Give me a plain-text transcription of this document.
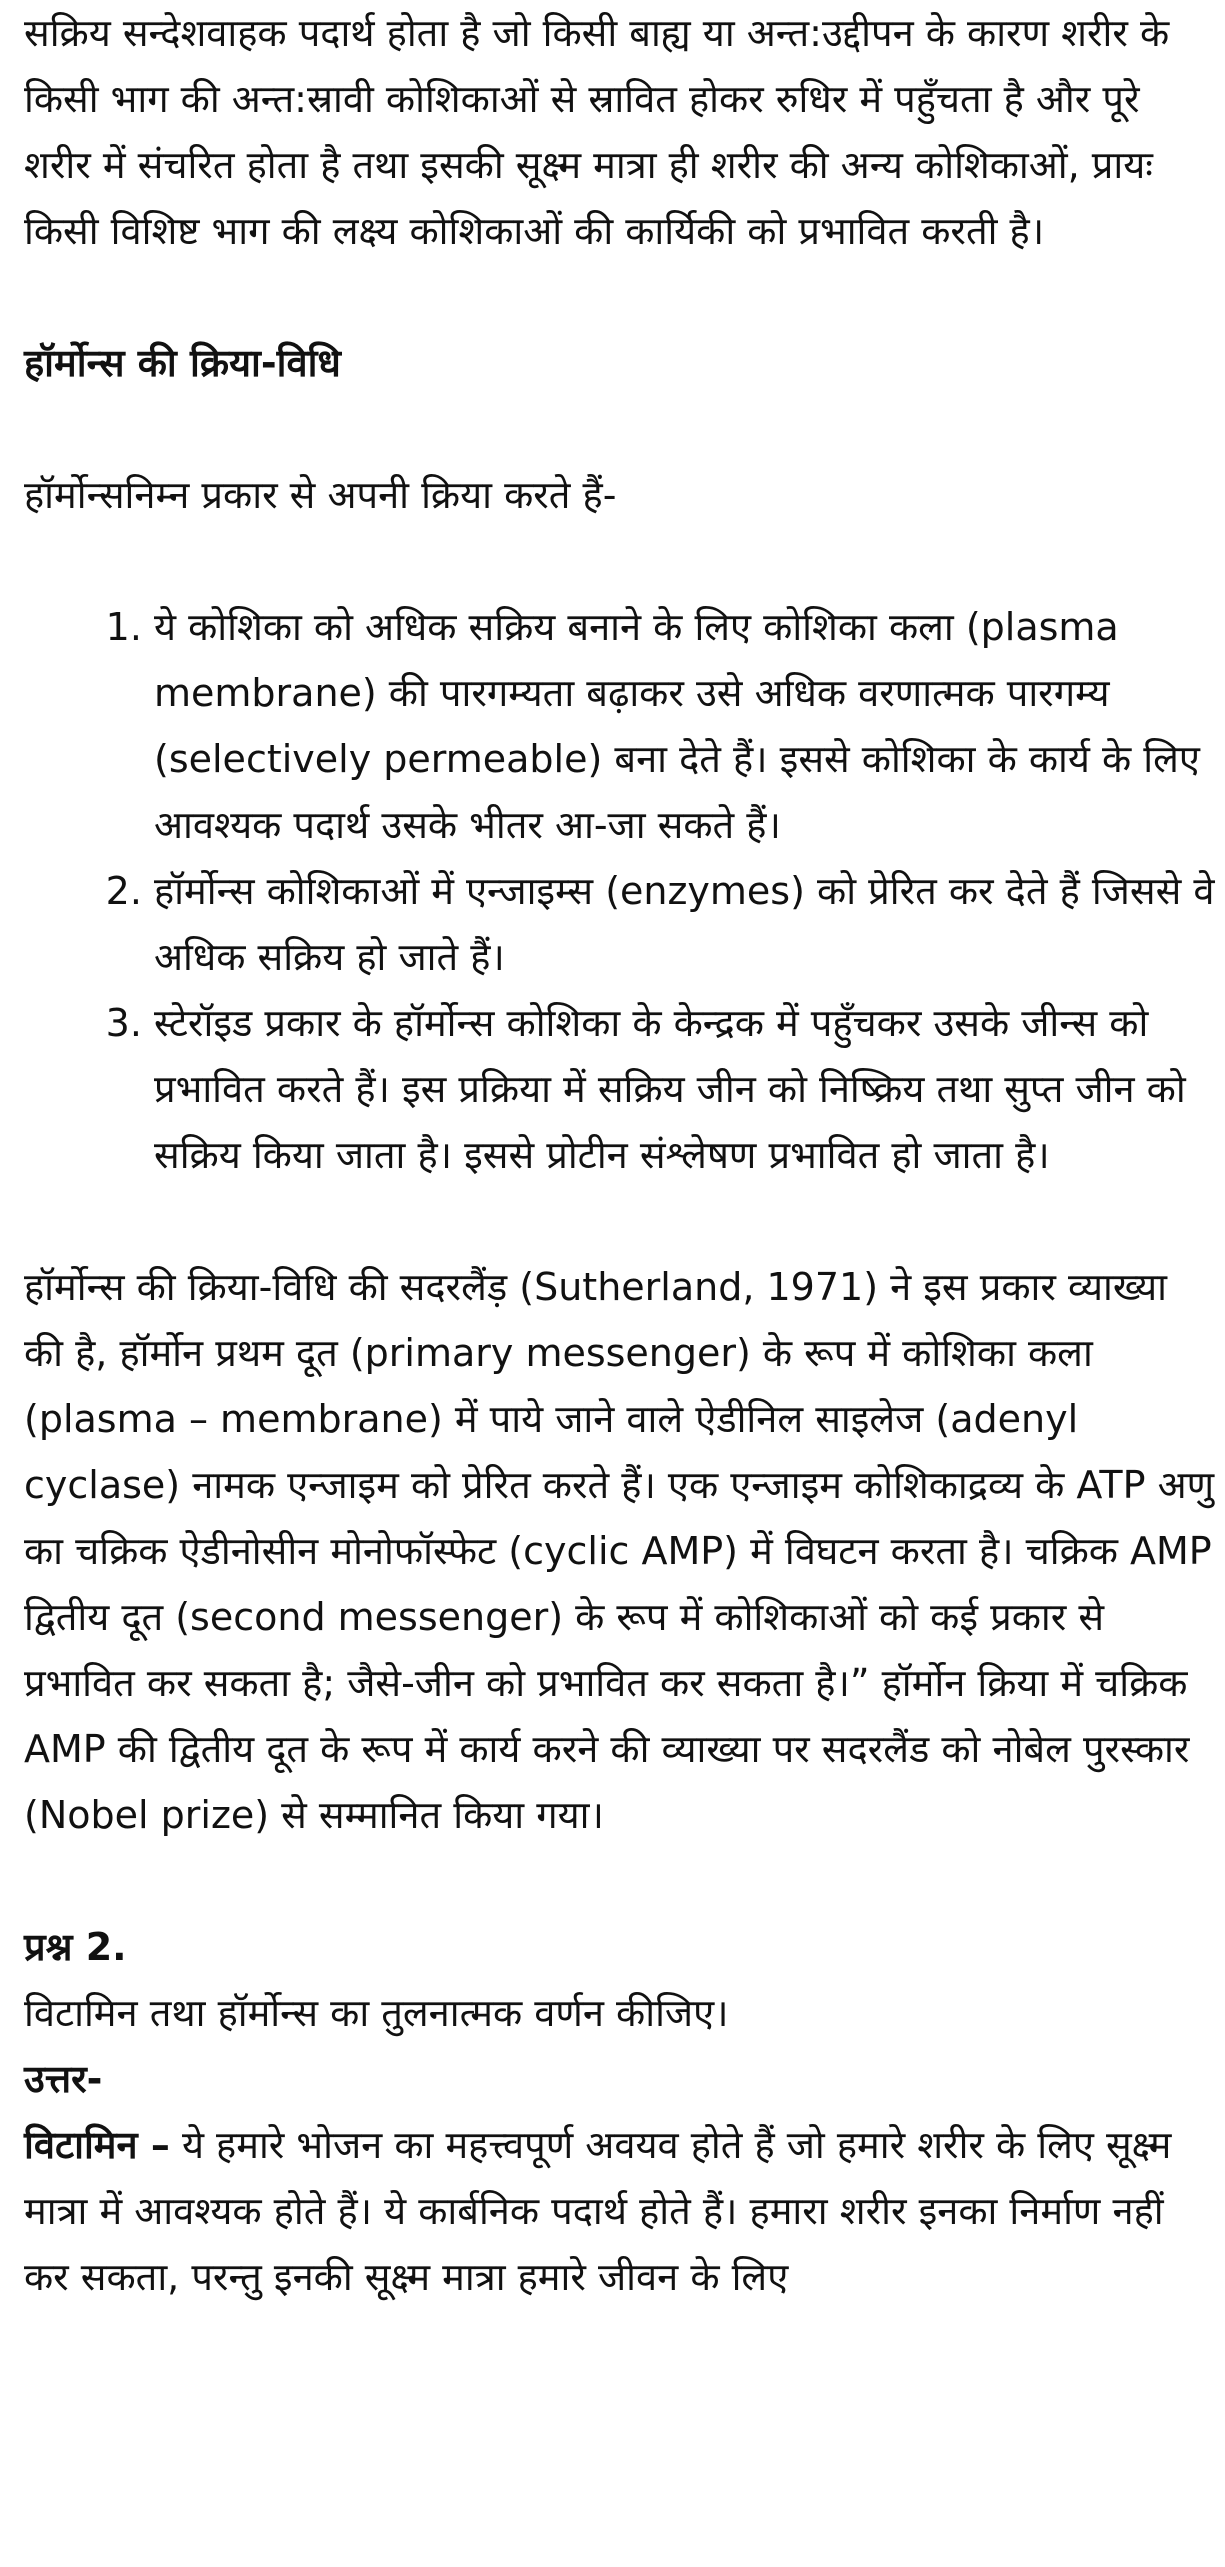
सक्रिय सन्देशवाहक पदार्थ होता है जो किसी बाह्य या अन्त:उद्दीपन के कारण शरीर के किसी भाग की अन्त:स्रावी कोशिकाओं से स्रावित होकर रुधिर में पहुँचता है और पूरे शरीर में संचरित होता है तथा इसकी सूक्ष्म मात्रा ही शरीर की अन्य कोशिकाओं, प्रायः किसी विशिष्ट भाग की लक्ष्य कोशिकाओं की कार्यिकी को प्रभावित करती है।

हॉर्मोन्स की क्रिया-विधि

हॉर्मोन्सनिम्न प्रकार से अपनी क्रिया करते हैं-

1. ये कोशिका को अधिक सक्रिय बनाने के लिए कोशिका कला (plasma membrane) की पारगम्यता बढ़ाकर उसे अधिक वरणात्मक पारगम्य (selectively permeable) बना देते हैं। इससे कोशिका के कार्य के लिए आवश्यक पदार्थ उसके भीतर आ-जा सकते हैं।
2. हॉर्मोन्स कोशिकाओं में एन्जाइम्स (enzymes) को प्रेरित कर देते हैं जिससे वे अधिक सक्रिय हो जाते हैं।
3. स्टेरॉइड प्रकार के हॉर्मोन्स कोशिका के केन्द्रक में पहुँचकर उसके जीन्स को प्रभावित करते हैं। इस प्रक्रिया में सक्रिय जीन को निष्क्रिय तथा सुप्त जीन को सक्रिय किया जाता है। इससे प्रोटीन संश्लेषण प्रभावित हो जाता है।

हॉर्मोन्स की क्रिया-विधि की सदरलैंड़ (Sutherland, 1971) ने इस प्रकार व्याख्या की है, हॉर्मोन प्रथम दूत (primary messenger) के रूप में कोशिका कला (plasma – membrane) में पाये जाने वाले ऐडीनिल साइलेज (adenyl cyclase) नामक एन्जाइम को प्रेरित करते हैं। एक एन्जाइम कोशिकाद्रव्य के ATP अणु का चक्रिक ऐडीनोसीन मोनोफॉस्फेट (cyclic AMP) में विघटन करता है। चक्रिक AMP द्वितीय दूत (second messenger) के रूप में कोशिकाओं को कई प्रकार से प्रभावित कर सकता है; जैसे-जीन को प्रभावित कर सकता है।” हॉर्मोन क्रिया में चक्रिक AMP की द्वितीय दूत के रूप में कार्य करने की व्याख्या पर सदरलैंड को नोबेल पुरस्कार (Nobel prize) से सम्मानित किया गया।

प्रश्न 2.

विटामिन तथा हॉर्मोन्स का तुलनात्मक वर्णन कीजिए।

उत्तर-

विटामिन – ये हमारे भोजन का महत्त्वपूर्ण अवयव होते हैं जो हमारे शरीर के लिए सूक्ष्म मात्रा में आवश्यक होते हैं। ये कार्बनिक पदार्थ होते हैं। हमारा शरीर इनका निर्माण नहीं कर सकता, परन्तु इनकी सूक्ष्म मात्रा हमारे जीवन के लिए
